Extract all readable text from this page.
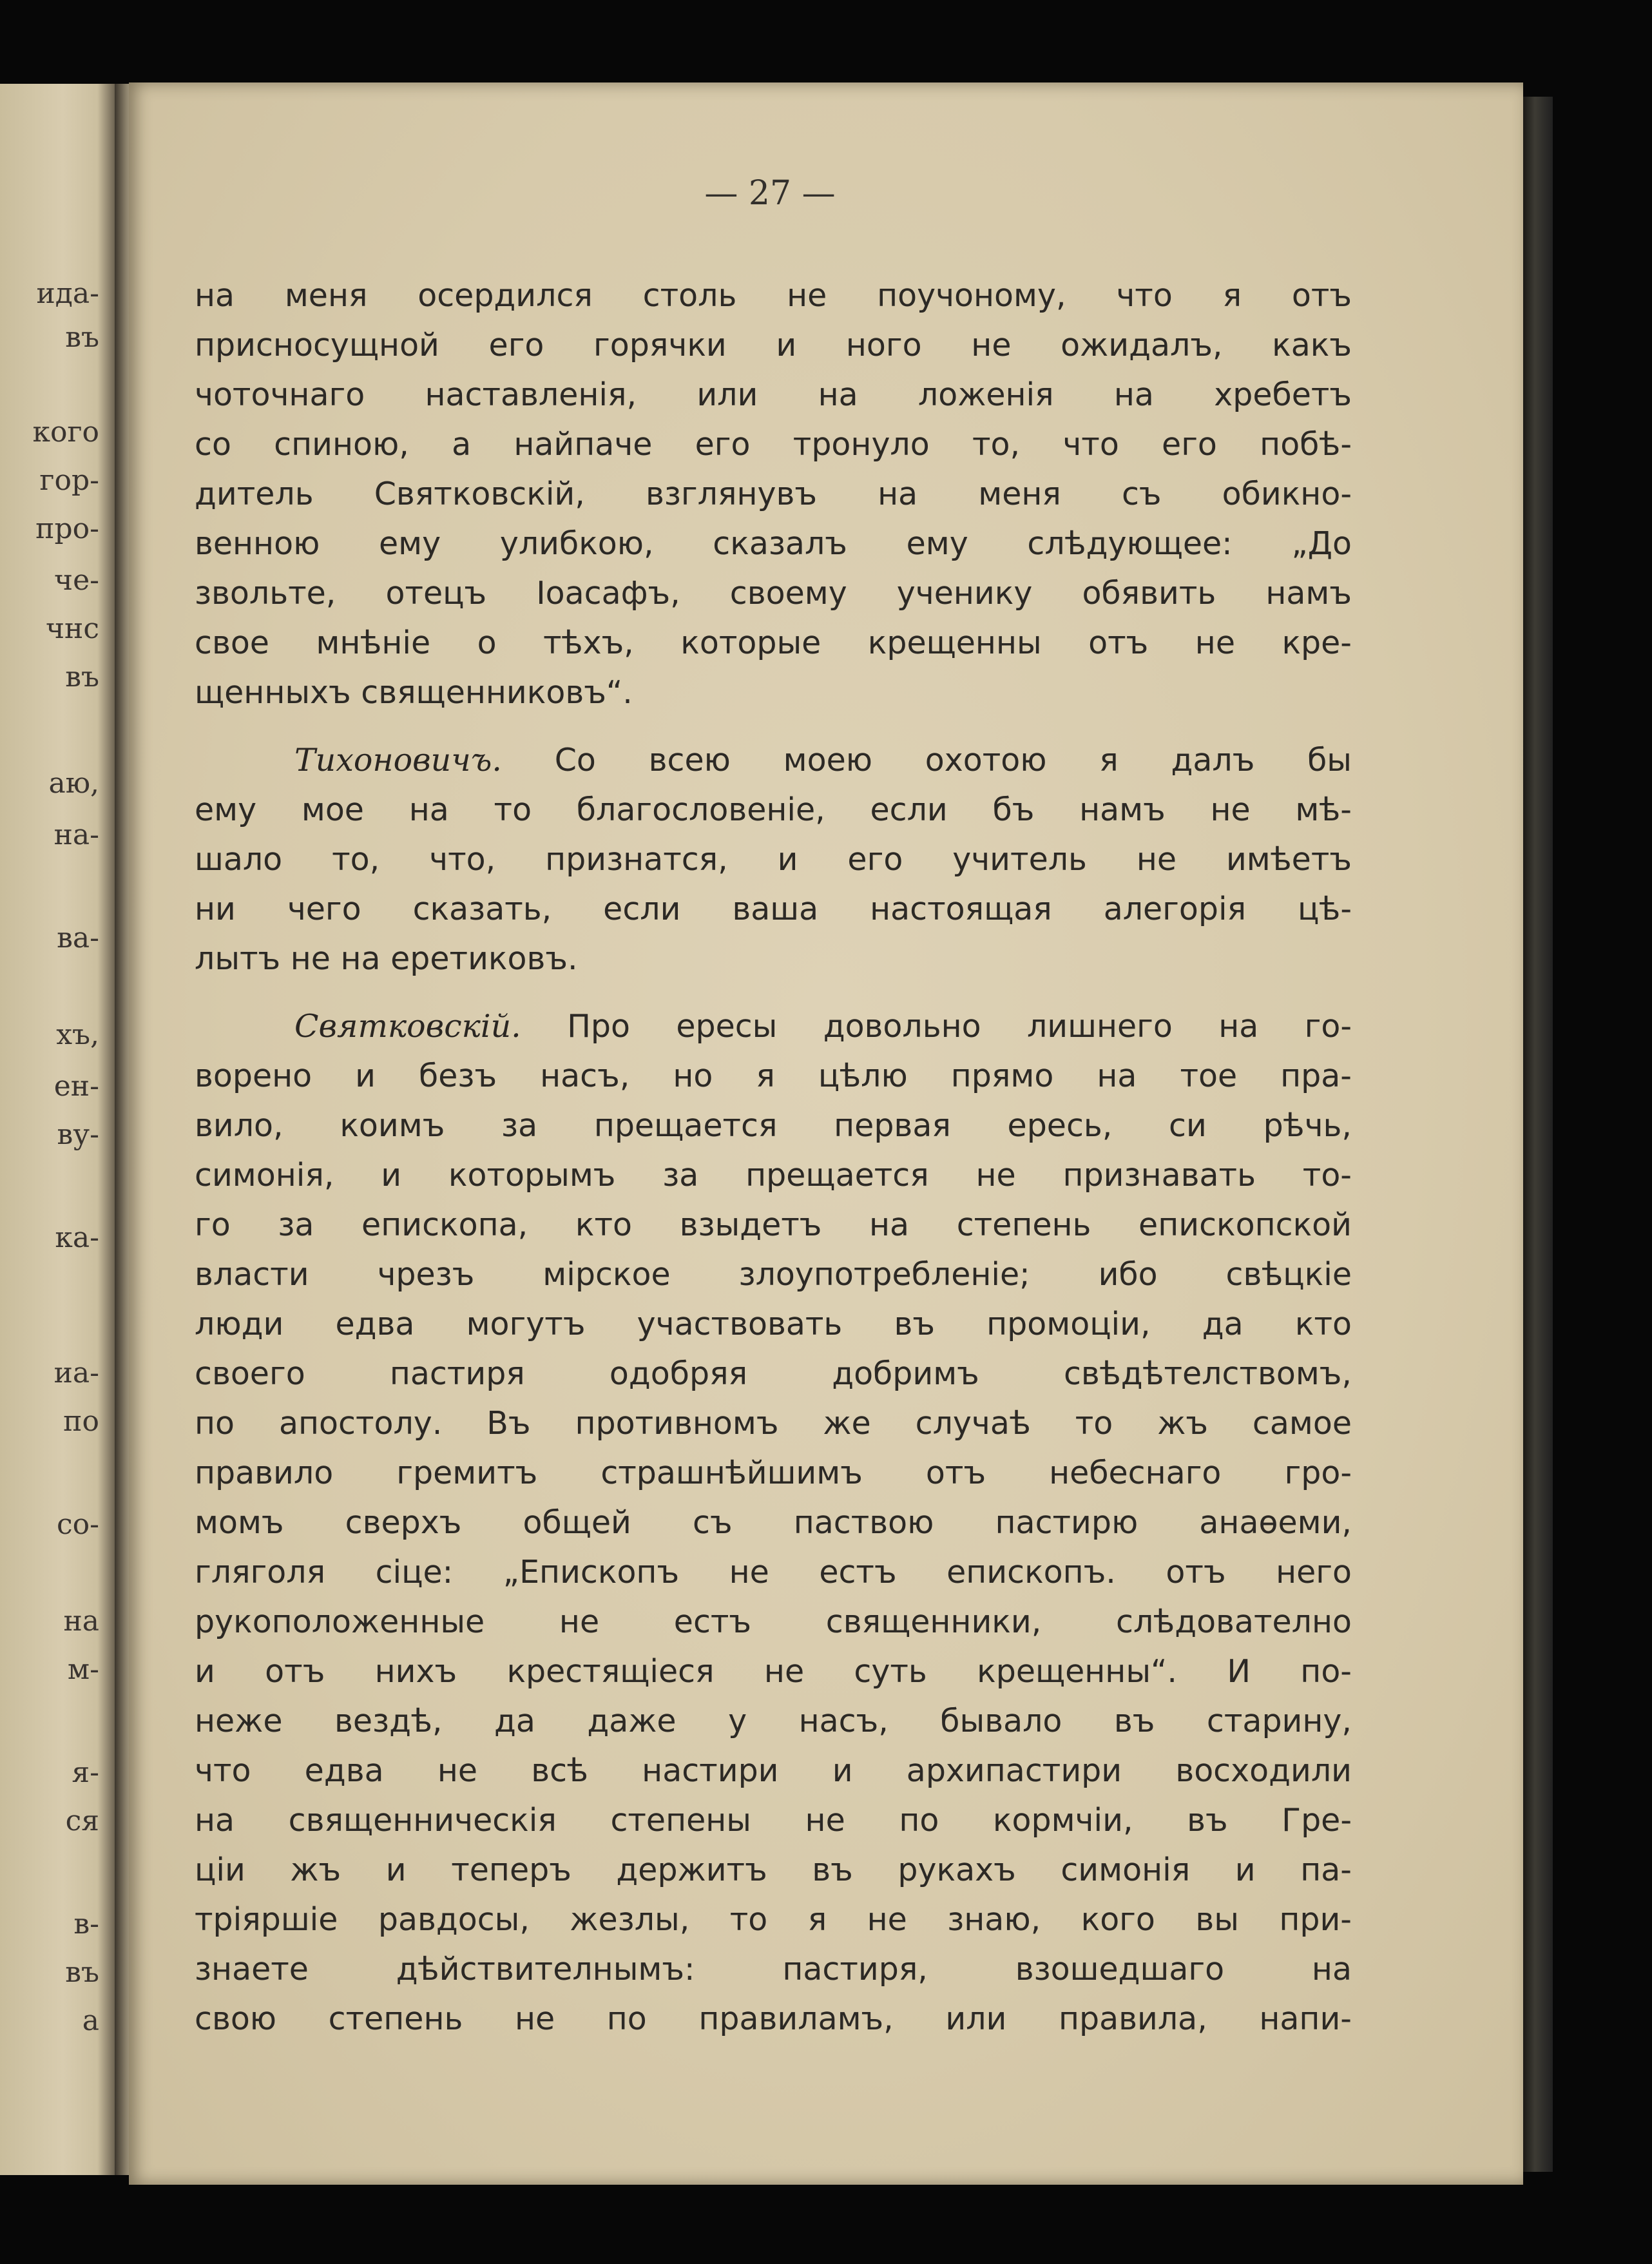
ида-
въ
кого
гор-
про-
че-
чнс
въ
аю,
на-
ва-
хъ,
ен-
ву-
ка-
иа-
по
со-
на
м-
я-
ся
в-
въ
а
— 27 —
на меня осердился столь не поучоному, что я отъ
присносущной его горячки и ного не ожидалъ, какъ
чоточнаго наставленія, или на ложенія на хребетъ
со спиною, а найпаче его тронуло то, что его побѣ-
дитель Святковскій, взглянувъ на меня съ обикно-
венною ему улибкою, сказалъ ему слѣдующее: „До
звольте, отецъ Іоасафъ, своему ученику обявить намъ
свое мнѣніе о тѣхъ, которые крещенны отъ не кре-
щенныхъ священниковъ“.
Тихоновичъ. Со всею моею охотою я далъ бы
ему мое на то благословеніе, если бъ намъ не мѣ-
шало то, что, признатся, и его учитель не имѣетъ
ни чего сказать, если ваша настоящая алегорія цѣ-
лытъ не на еретиковъ.
Святковскій. Про ересы довольно лишнего на го-
ворено и безъ насъ, но я цѣлю прямо на тое пра-
вило, коимъ за прещается первая ересь, си рѣчь,
симонія, и которымъ за прещается не признавать то-
го за епископа, кто взыдетъ на степень епископской
власти чрезъ мірское злоупотребленіе; ибо свѣцкіе
люди едва могутъ участвовать въ промоціи, да кто
своего пастиря одобряя добримъ свѣдѣтелствомъ,
по апостолу. Въ противномъ же случаѣ то жъ самое
правило гремитъ страшнѣйшимъ отъ небеснаго гро-
момъ сверхъ общей съ паствою пастирю анаѳеми,
гляголя сіце: „Епископъ не естъ епископъ. отъ него
рукоположенные не естъ священники, слѣдователно
и отъ нихъ крестящіеся не суть крещенны“. И по-
неже вездѣ, да даже у насъ, бывало въ старину,
что едва не всѣ настири и архипастири восходили
на священническія степены не по кормчіи, въ Гре-
ціи жъ и теперъ держитъ въ рукахъ симонія и па-
тріяршіе равдосы, жезлы, то я не знаю, кого вы при-
знаете дѣйствителнымъ: пастиря, взошедшаго на
свою степень не по правиламъ, или правила, напи-
